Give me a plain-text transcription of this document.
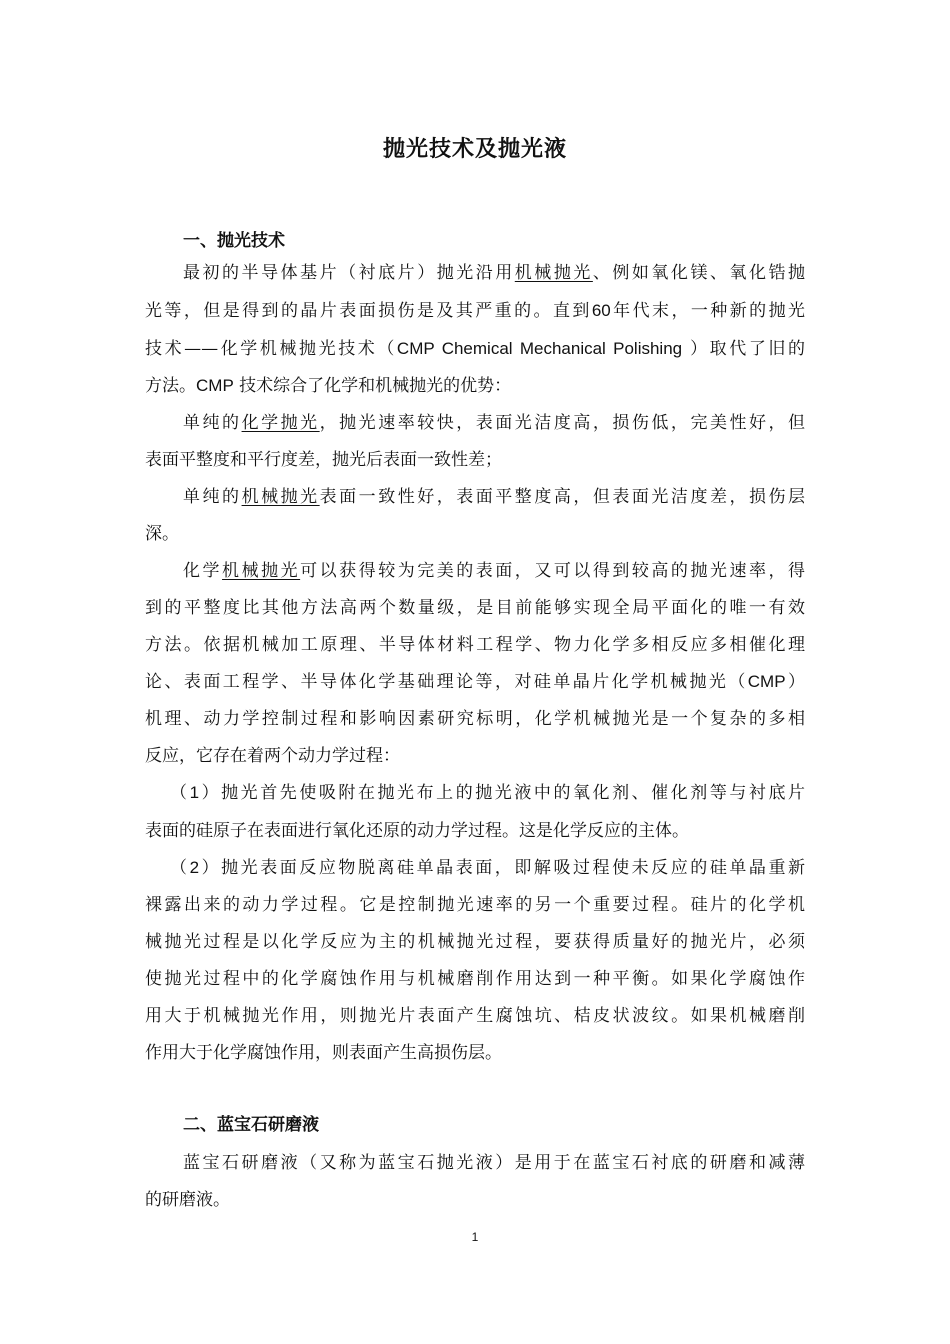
抛光技术及抛光液
一、抛光技术
最初的半导体基片（衬底片）抛光沿用机械抛光、例如氧化镁、氧化锆抛
光等，但是得到的晶片表面损伤是及其严重的。直到60年代末，一种新的抛光
技术——化学机械抛光技术（CMP Chemical Mechanical Polishing ）取代了旧的
方法。CMP 技术综合了化学和机械抛光的优势：
单纯的化学抛光，抛光速率较快，表面光洁度高，损伤低，完美性好，但
表面平整度和平行度差，抛光后表面一致性差；
单纯的机械抛光表面一致性好，表面平整度高，但表面光洁度差，损伤层
深。
化学机械抛光可以获得较为完美的表面，又可以得到较高的抛光速率，得
到的平整度比其他方法高两个数量级，是目前能够实现全局平面化的唯一有效
方法。依据机械加工原理、半导体材料工程学、物力化学多相反应多相催化理
论、表面工程学、半导体化学基础理论等，对硅单晶片化学机械抛光（CMP）
机理、动力学控制过程和影响因素研究标明，化学机械抛光是一个复杂的多相
反应，它存在着两个动力学过程：
（1）抛光首先使吸附在抛光布上的抛光液中的氧化剂、催化剂等与衬底片
表面的硅原子在表面进行氧化还原的动力学过程。这是化学反应的主体。
（2）抛光表面反应物脱离硅单晶表面，即解吸过程使未反应的硅单晶重新
裸露出来的动力学过程。它是控制抛光速率的另一个重要过程。硅片的化学机
械抛光过程是以化学反应为主的机械抛光过程，要获得质量好的抛光片，必须
使抛光过程中的化学腐蚀作用与机械磨削作用达到一种平衡。如果化学腐蚀作
用大于机械抛光作用，则抛光片表面产生腐蚀坑、桔皮状波纹。如果机械磨削
作用大于化学腐蚀作用，则表面产生高损伤层。
二、蓝宝石研磨液
蓝宝石研磨液（又称为蓝宝石抛光液）是用于在蓝宝石衬底的研磨和减薄
的研磨液。
1
